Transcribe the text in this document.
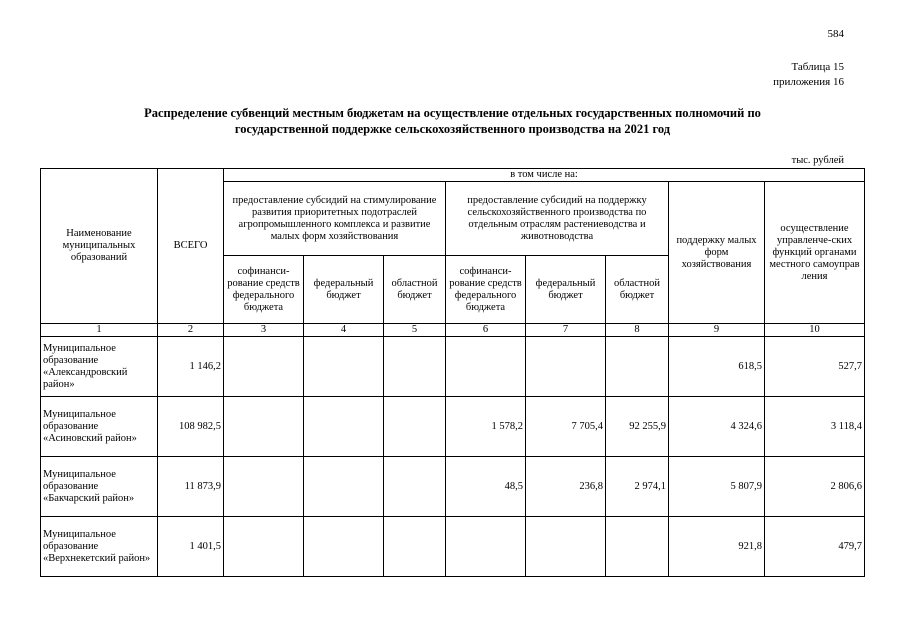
584
Таблица 15
приложения 16
Распределение субвенций местным бюджетам на осуществление отдельных государственных полномочий по
государственной поддержке сельскохозяйственного производства на 2021 год
тыс. рублей
Наименование муниципальных образований	ВСЕГО	в том числе на:							
		предоставление субсидий на стимулирование развития приоритетных подотраслей агропромышленного комплекса и развитие малых форм хозяйствования			предоставление субсидий на поддержку сельскохозяйственного производства по отдельным отраслям растениеводства и животноводства			поддержку малых форм хозяйствования	осуществление управленче-ских функций органами местного самоуправ ления
		софинанси-рование средств федерального бюджета	федеральный бюджет	областной бюджет	софинанси-рование средств федерального бюджета	федеральный бюджет	областной бюджет		
1	2	3	4	5	6	7	8	9	10
Муниципальное образование «Александровский район»	1 146,2							618,5	527,7
Муниципальное образование «Асиновский район»	108 982,5				1 578,2	7 705,4	92 255,9	4 324,6	3 118,4
Муниципальное образование «Бакчарский район»	11 873,9				48,5	236,8	2 974,1	5 807,9	2 806,6
Муниципальное образование «Верхнекетский район»	1 401,5							921,8	479,7
